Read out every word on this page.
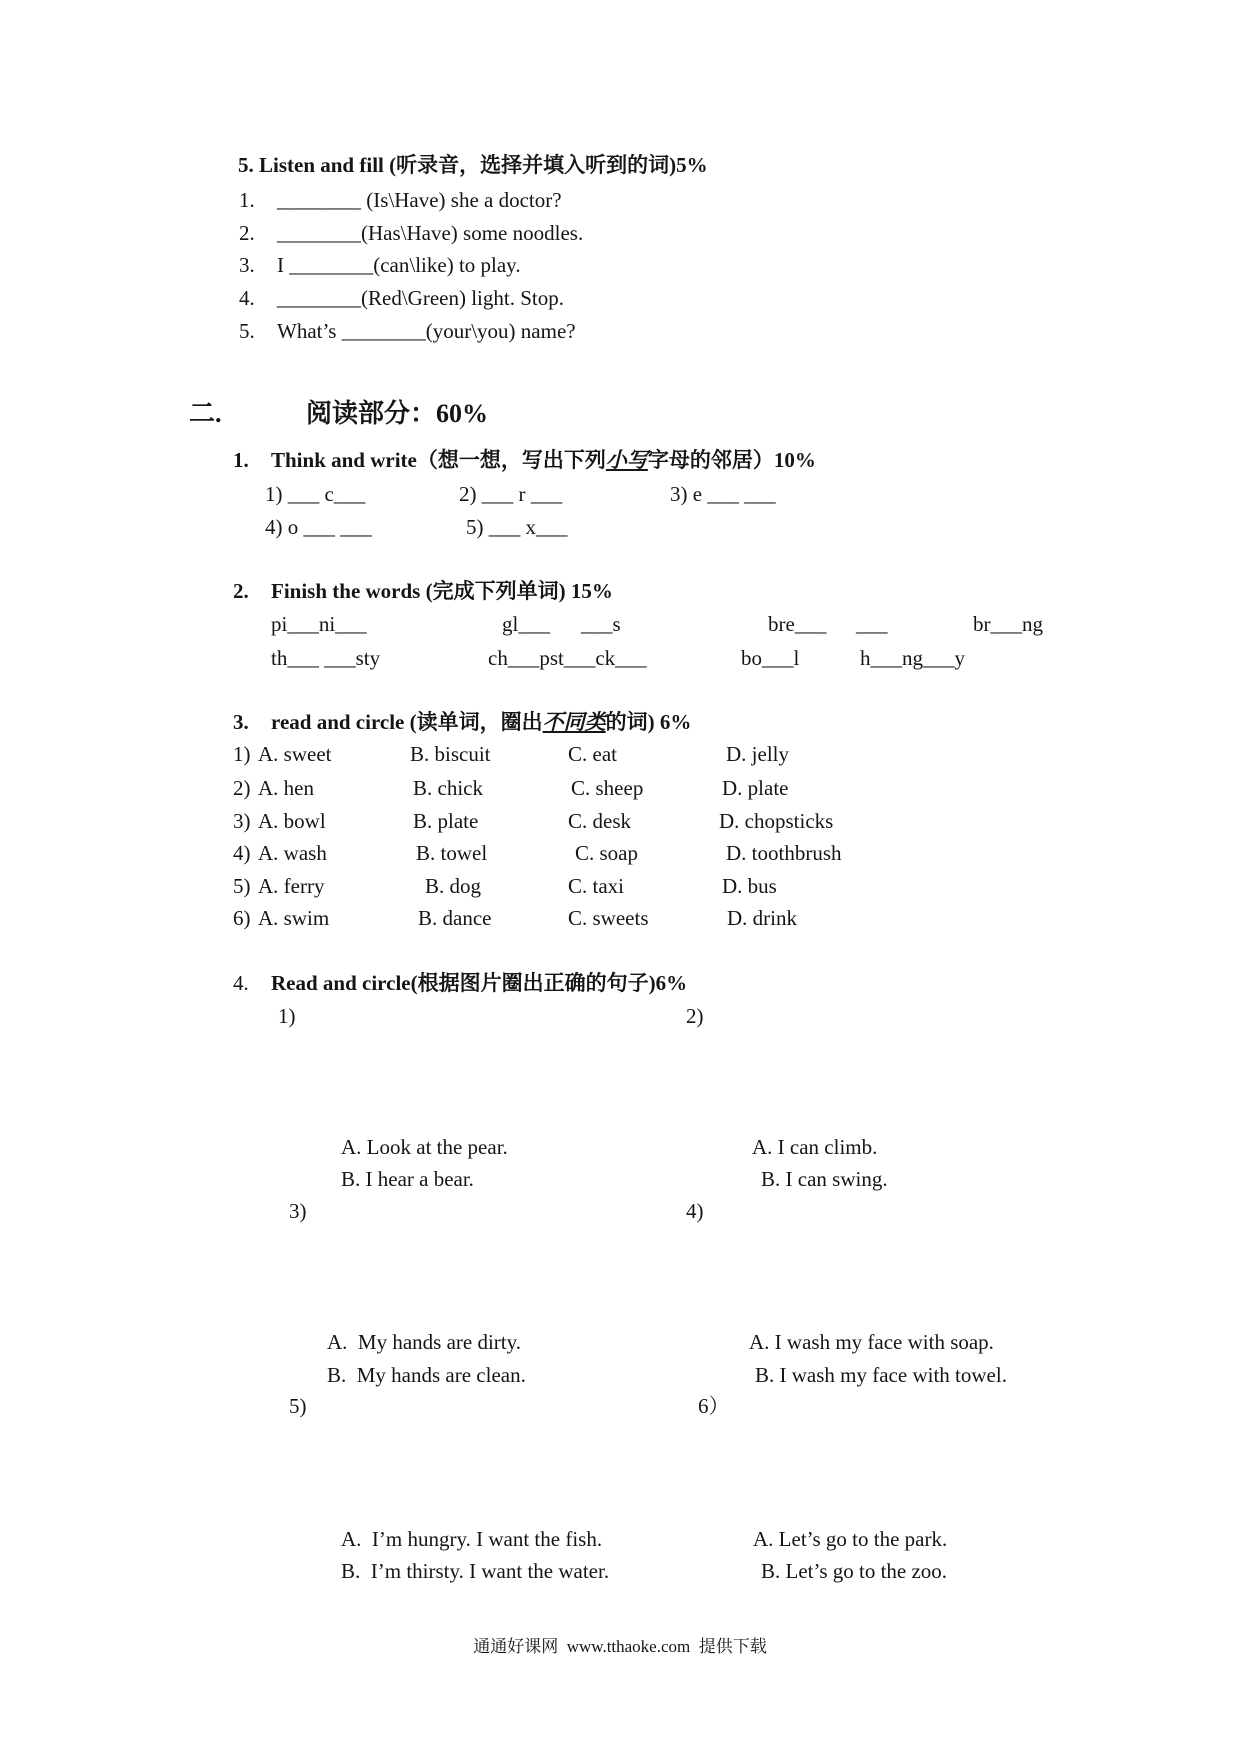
5. Listen and fill (听录音，选择并填入听到的词)5%
1. ________ (Is\Have) she a doctor?
2. ________(Has\Have) some noodles.
3. I ________(can\like) to play.
4. ________(Red\Green) light. Stop.
5. What’s ________(your\you) name?
二.	阅读部分：60%
1. Think and write（想一想，写出下列小写字母的邻居）10%
1) ___ c___	2) ___ r ___	3) e ___ ___
4) o ___ ___	5) ___ x___
2. Finish the words (完成下列单词) 15%
pi___ni___	gl___ ___s	bre___ ___	br___ng
th___ ___sty	ch___pst___ck___	bo___l	h___ng___y
3. read and circle (读单词，圈出不同类的词) 6%
1) A. sweet	B. biscuit	C. eat	D. jelly
2) A. hen	B. chick	C. sheep	D. plate
3) A. bowl	B. plate	C. desk	D. chopsticks
4) A. wash	B. towel	C. soap	D. toothbrush
5) A. ferry	B. dog	C. taxi	D. bus
6) A. swim	B. dance	C. sweets	D. drink
4. Read and circle(根据图片圈出正确的句子)6%
1)	2)
A. Look at the pear.
B. I hear a bear.
A. I can climb.
B. I can swing.
3)	4)
A.  My hands are dirty.
B.  My hands are clean.
A. I wash my face with soap.
B. I wash my face with towel.
5)	6）
A.  I’m hungry. I want the fish.
B.  I’m thirsty. I want the water.
A. Let’s go to the park.
B. Let’s go to the zoo.
通通好课网  www.tthaoke.com  提供下载
